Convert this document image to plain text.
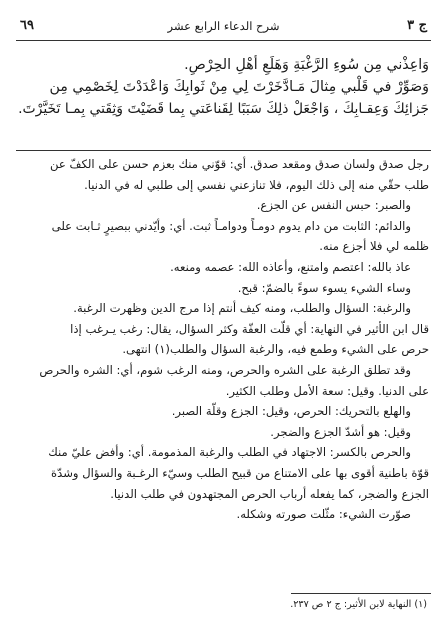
ج ٣
شرح الدعاء الرابع عشر
٦٩
وَاعِذْني مِن سُوءِ الرَّغْبَةِ وَهَلَعِ أهْلِ الحِرْصِ.
وَصَوِّرْ في قَلْبي مِثالَ مَـادَّخَرْتَ لِي مِنْ ثَوابِكَ وَاعْدَدْتَ لِخَصْمِي مِن
جَزائِكَ وَعِقـابِكَ ، وَاجْعَلْ ذلِكَ سَبَبًا لِقَناعَتي بِما قَضَيْتَ وَثِقَتي بِمـا تَخَيَّرْتَ.

رجل صدق ولسان صدق ومقعد صدق. أي: قوّني منك بعزم حسن على الكفّ عن

طلب حقّي منه إلى ذلك اليوم، فلا تنازعني نفسي إلى طلبي له في الدنيا.

والصبر: حبس النفس عن الجزع.

والدائم: الثابت من دام يدوم دومـاً ودوامـاً ثبت. أي: وأيّدني ببصيرٍ ثـابت على

ظلمه لي فلا أجزع منه.

عاذ بالله: اعتصم وامتنع، وأعاذه الله: عصمه ومنعه.

وساء الشيء يسوء سوءً بالضمّ: قبح.

والرغبة: السؤال والطلب، ومنه كيف أنتم إذا مرج الدين وظهرت الرغبة.

قال ابن الأثير في النهاية: أي قلّت العفّة وكثر السؤال، يقال: رغب يـرغب إذا

حرص على الشيء وطمع فيه، والرغبة السؤال والطلب(١) انتهى.

وقد تطلق الرغبة على الشره والحرص، ومنه الرغب شوم، أي: الشره والحرص

على الدنيا. وقيل: سعة الأمل وطلب الكثير.

والهلع بالتحريك: الحرص، وقيل: الجزع وقلّة الصبر.

وقيل: هو أشدّ الجزع والضجر.

والحرص بالكسر: الاجتهاد في الطلب والرغبة المذمومة. أي: وأفض عليّ منك

قوّة باطنية أقوى بها على الامتناع من قبيح الطلب وسيّء الرغـبة والسؤال وشدّة

الجزع والضجر، كما يفعله أرباب الحرص المجتهدون في طلب الدنيا.

صوّرت الشيء: مثّلت صورته وشكله.

(١) النهاية لابن الأثير: ج ٢ ص ٢٣٧.
